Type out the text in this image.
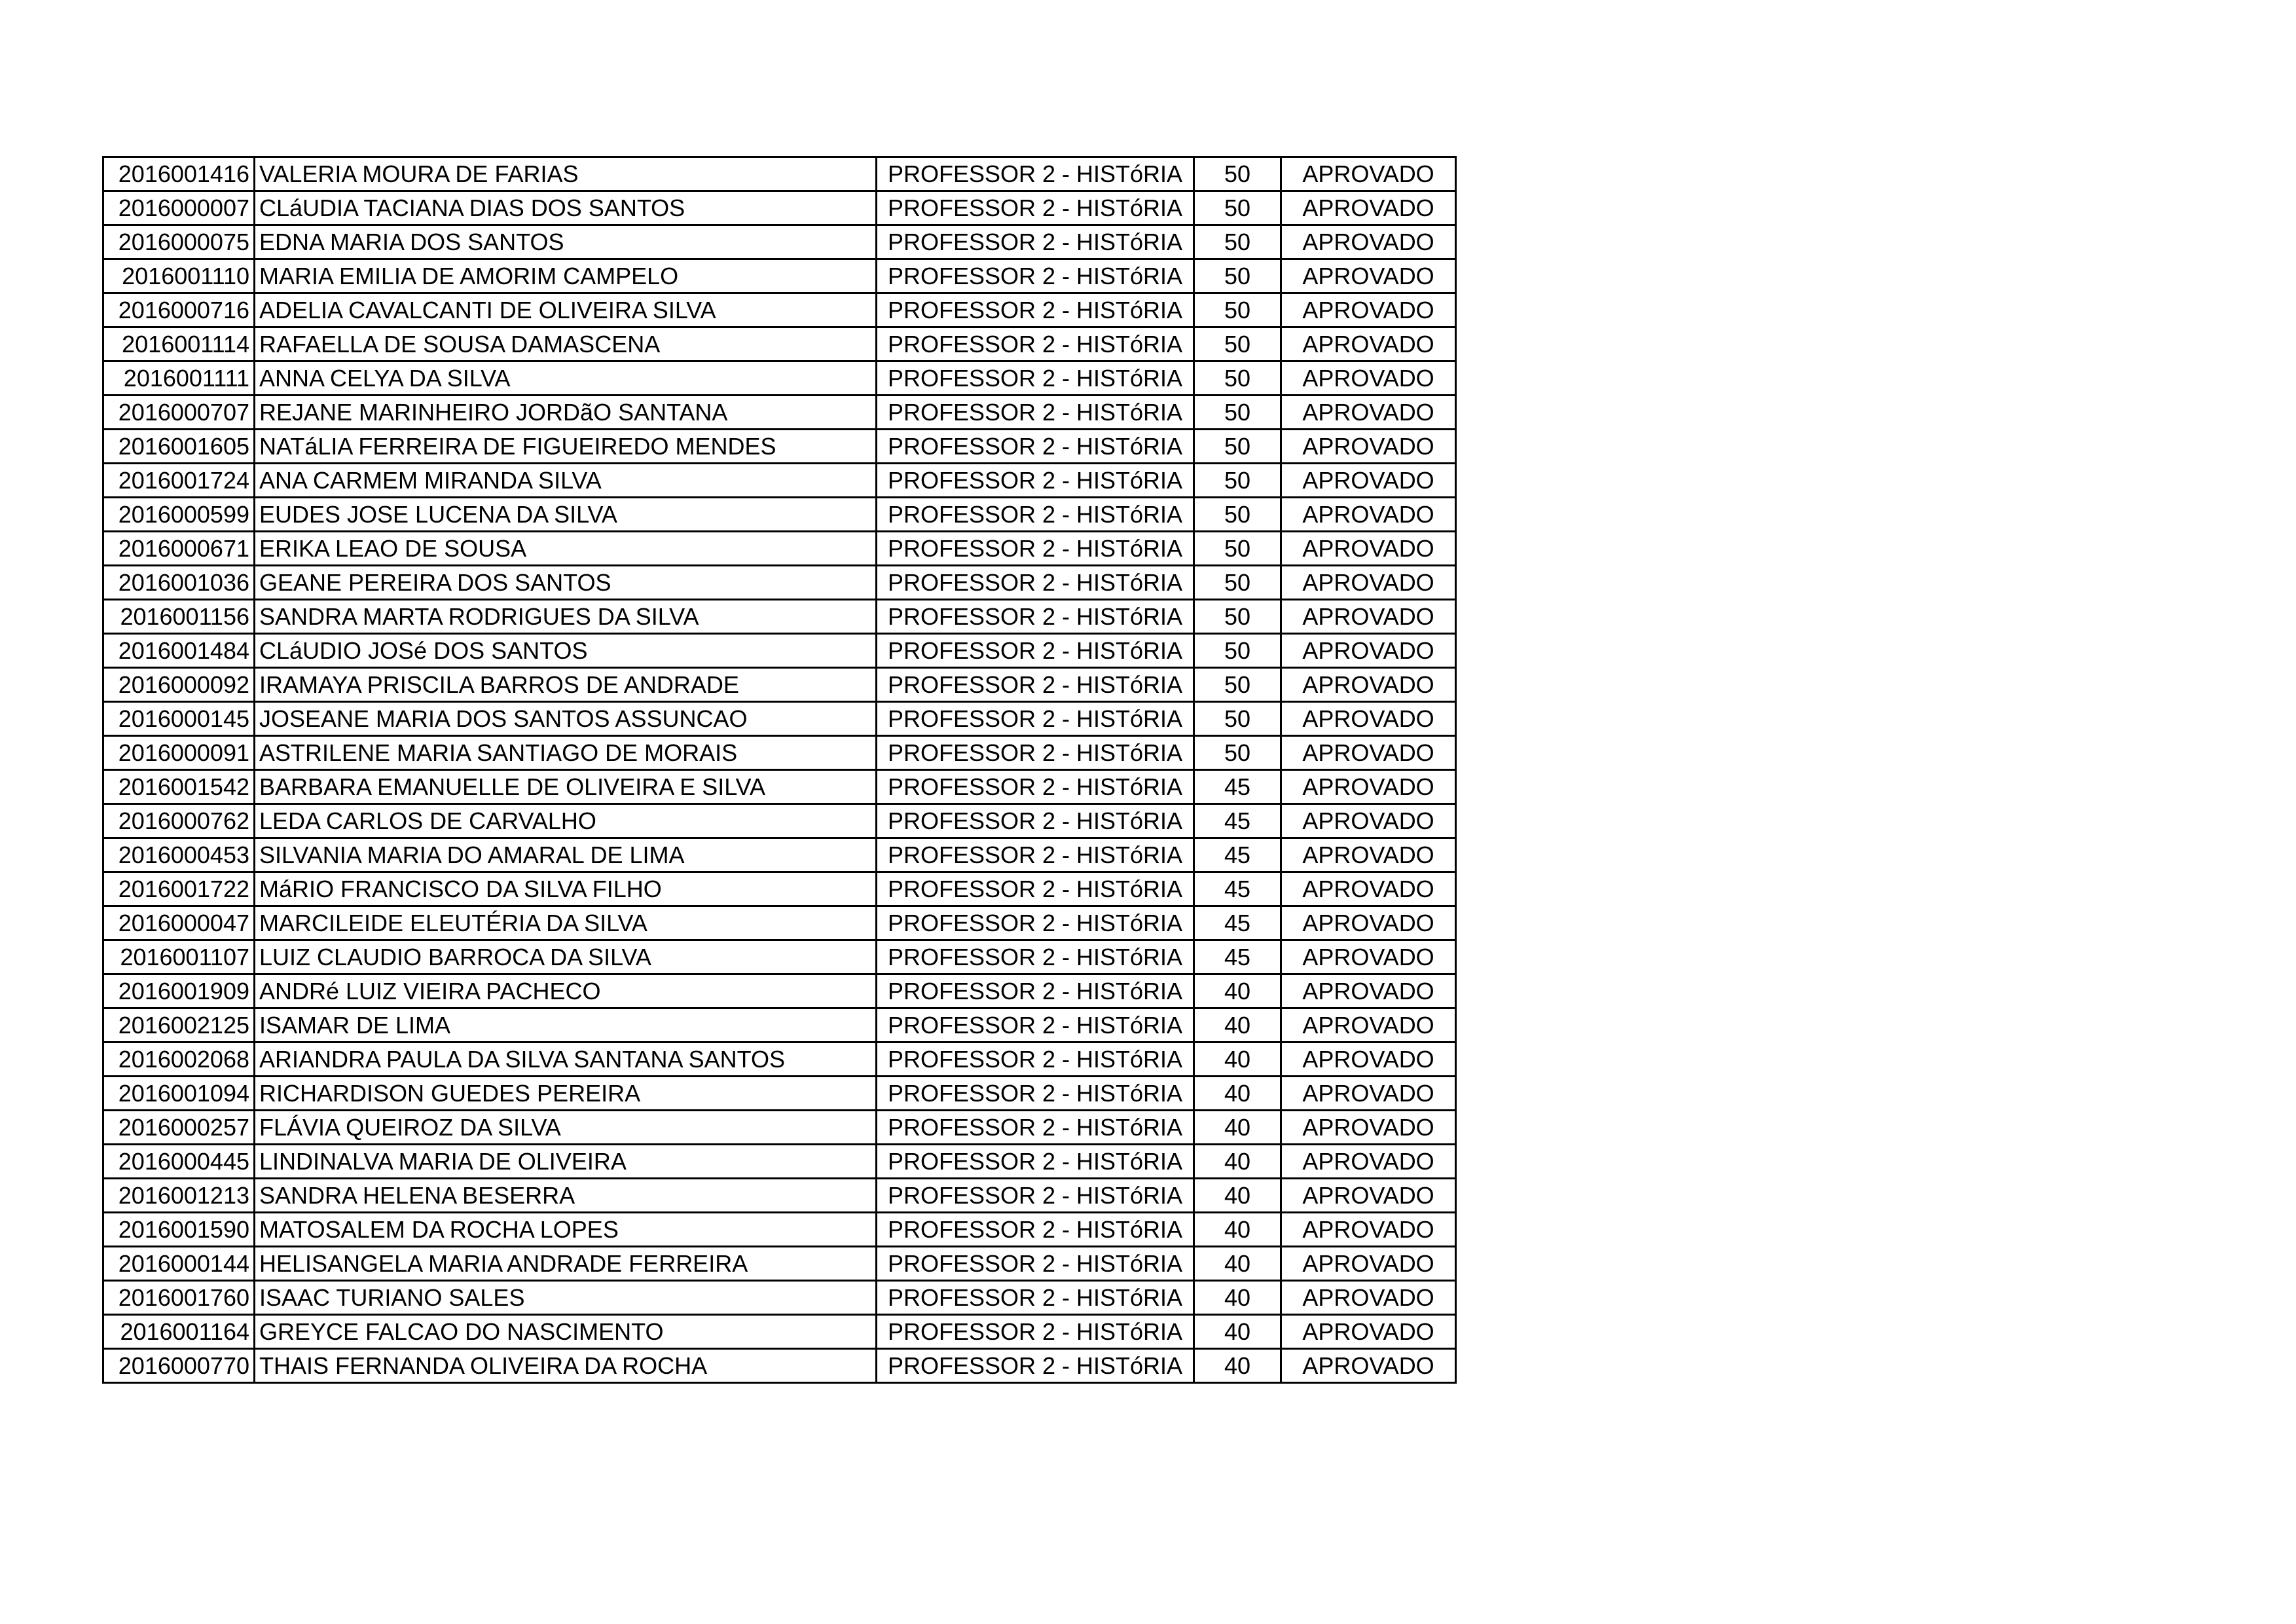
2016001416	VALERIA MOURA DE FARIAS	PROFESSOR 2 - HISTóRIA	50	APROVADO
2016000007	CLáUDIA TACIANA DIAS DOS SANTOS	PROFESSOR 2 - HISTóRIA	50	APROVADO
2016000075	EDNA MARIA DOS SANTOS	PROFESSOR 2 - HISTóRIA	50	APROVADO
2016001110	MARIA EMILIA DE AMORIM CAMPELO	PROFESSOR 2 - HISTóRIA	50	APROVADO
2016000716	ADELIA CAVALCANTI DE OLIVEIRA SILVA	PROFESSOR 2 - HISTóRIA	50	APROVADO
2016001114	RAFAELLA DE SOUSA DAMASCENA	PROFESSOR 2 - HISTóRIA	50	APROVADO
2016001111	ANNA CELYA DA SILVA	PROFESSOR 2 - HISTóRIA	50	APROVADO
2016000707	REJANE MARINHEIRO JORDãO SANTANA	PROFESSOR 2 - HISTóRIA	50	APROVADO
2016001605	NATáLIA FERREIRA DE FIGUEIREDO MENDES	PROFESSOR 2 - HISTóRIA	50	APROVADO
2016001724	ANA CARMEM MIRANDA SILVA	PROFESSOR 2 - HISTóRIA	50	APROVADO
2016000599	EUDES JOSE LUCENA DA SILVA	PROFESSOR 2 - HISTóRIA	50	APROVADO
2016000671	ERIKA LEAO DE SOUSA	PROFESSOR 2 - HISTóRIA	50	APROVADO
2016001036	GEANE PEREIRA DOS SANTOS	PROFESSOR 2 - HISTóRIA	50	APROVADO
2016001156	SANDRA MARTA RODRIGUES DA SILVA	PROFESSOR 2 - HISTóRIA	50	APROVADO
2016001484	CLáUDIO JOSé DOS SANTOS	PROFESSOR 2 - HISTóRIA	50	APROVADO
2016000092	IRAMAYA PRISCILA BARROS DE ANDRADE	PROFESSOR 2 - HISTóRIA	50	APROVADO
2016000145	JOSEANE MARIA DOS SANTOS ASSUNCAO	PROFESSOR 2 - HISTóRIA	50	APROVADO
2016000091	ASTRILENE MARIA SANTIAGO DE MORAIS	PROFESSOR 2 - HISTóRIA	50	APROVADO
2016001542	BARBARA EMANUELLE DE OLIVEIRA E SILVA	PROFESSOR 2 - HISTóRIA	45	APROVADO
2016000762	LEDA CARLOS DE CARVALHO	PROFESSOR 2 - HISTóRIA	45	APROVADO
2016000453	SILVANIA MARIA DO AMARAL DE LIMA	PROFESSOR 2 - HISTóRIA	45	APROVADO
2016001722	MáRIO FRANCISCO DA SILVA FILHO	PROFESSOR 2 - HISTóRIA	45	APROVADO
2016000047	MARCILEIDE ELEUTÉRIA DA SILVA	PROFESSOR 2 - HISTóRIA	45	APROVADO
2016001107	LUIZ CLAUDIO BARROCA DA SILVA	PROFESSOR 2 - HISTóRIA	45	APROVADO
2016001909	ANDRé LUIZ VIEIRA PACHECO	PROFESSOR 2 - HISTóRIA	40	APROVADO
2016002125	ISAMAR DE LIMA	PROFESSOR 2 - HISTóRIA	40	APROVADO
2016002068	ARIANDRA PAULA DA SILVA SANTANA SANTOS	PROFESSOR 2 - HISTóRIA	40	APROVADO
2016001094	RICHARDISON GUEDES PEREIRA	PROFESSOR 2 - HISTóRIA	40	APROVADO
2016000257	FLÁVIA QUEIROZ DA SILVA	PROFESSOR 2 - HISTóRIA	40	APROVADO
2016000445	LINDINALVA MARIA DE OLIVEIRA	PROFESSOR 2 - HISTóRIA	40	APROVADO
2016001213	SANDRA HELENA BESERRA	PROFESSOR 2 - HISTóRIA	40	APROVADO
2016001590	MATOSALEM DA ROCHA LOPES	PROFESSOR 2 - HISTóRIA	40	APROVADO
2016000144	HELISANGELA MARIA ANDRADE FERREIRA	PROFESSOR 2 - HISTóRIA	40	APROVADO
2016001760	ISAAC TURIANO SALES	PROFESSOR 2 - HISTóRIA	40	APROVADO
2016001164	GREYCE FALCAO DO NASCIMENTO	PROFESSOR 2 - HISTóRIA	40	APROVADO
2016000770	THAIS FERNANDA OLIVEIRA DA ROCHA	PROFESSOR 2 - HISTóRIA	40	APROVADO
